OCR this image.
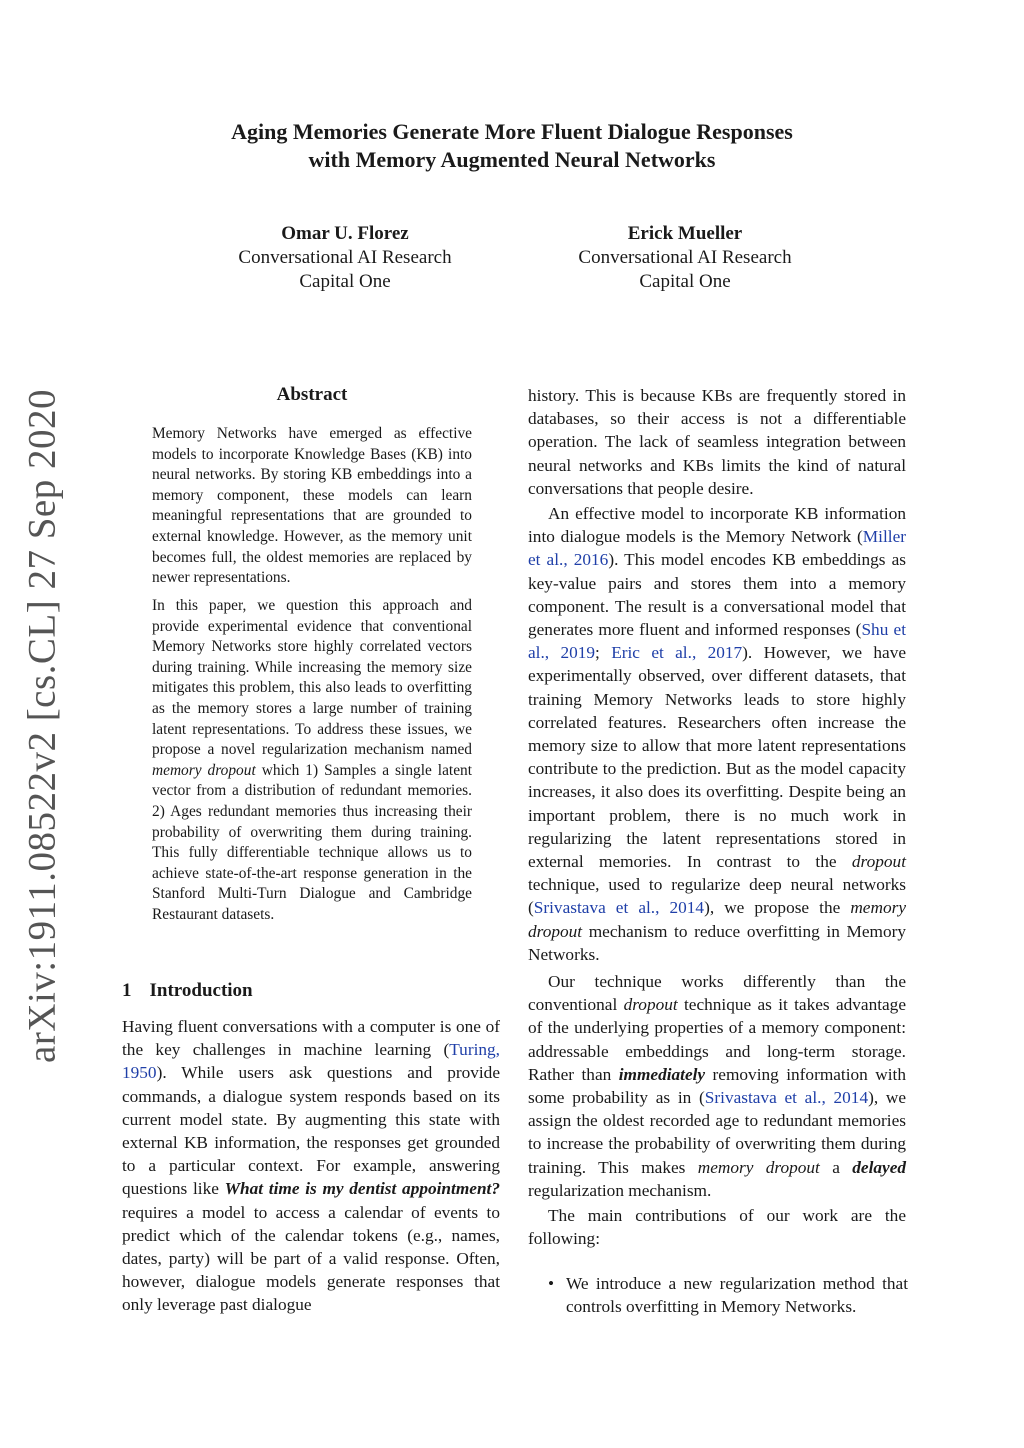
Aging Memories Generate More Fluent Dialogue Responses
with Memory Augmented Neural Networks
Omar U. Florez
Conversational AI Research
Capital One
Erick Mueller
Conversational AI Research
Capital One
arXiv:1911.08522v2 [cs.CL] 27 Sep 2020	Abstract
Memory Networks have emerged as effective models to incorporate Knowledge Bases (KB) into neural networks. By storing KB embeddings into a memory component, these models can learn meaningful representations that are grounded to external knowledge. However, as the memory unit becomes full, the oldest memories are replaced by newer representations.
In this paper, we question this approach and provide experimental evidence that conventional Memory Networks store highly correlated vectors during training. While increasing the memory size mitigates this problem, this also leads to overfitting as the memory stores a large number of training latent representations. To address these issues, we propose a novel regularization mechanism named memory dropout which 1) Samples a single latent vector from a distribution of redundant memories. 2) Ages redundant memories thus increasing their probability of overwriting them during training. This fully differentiable technique allows us to achieve state-of-the-art response generation in the Stanford Multi-Turn Dialogue and Cambridge Restaurant datasets.
1 Introduction
Having fluent conversations with a computer is one of the key challenges in machine learning (Turing, 1950). While users ask questions and provide commands, a dialogue system responds based on its current model state. By augmenting this state with external KB information, the responses get grounded to a particular context. For example, answering questions like What time is my dentist appointment? requires a model to access a calendar of events to predict which of the calendar tokens (e.g., names, dates, party) will be part of a valid response. Often, however, dialogue models generate responses that only leverage past dialogue
history. This is because KBs are frequently stored in databases, so their access is not a differentiable operation. The lack of seamless integration between neural networks and KBs limits the kind of natural conversations that people desire.
An effective model to incorporate KB information into dialogue models is the Memory Network (Miller et al., 2016). This model encodes KB embeddings as key-value pairs and stores them into a memory component. The result is a conversational model that generates more fluent and informed responses (Shu et al., 2019; Eric et al., 2017). However, we have experimentally observed, over different datasets, that training Memory Networks leads to store highly correlated features. Researchers often increase the memory size to allow that more latent representations contribute to the prediction. But as the model capacity increases, it also does its overfitting. Despite being an important problem, there is no much work in regularizing the latent representations stored in external memories. In contrast to the dropout technique, used to regularize deep neural networks (Srivastava et al., 2014), we propose the memory dropout mechanism to reduce overfitting in Memory Networks.
Our technique works differently than the conventional dropout technique as it takes advantage of the underlying properties of a memory component: addressable embeddings and long-term storage. Rather than immediately removing information with some probability as in (Srivastava et al., 2014), we assign the oldest recorded age to redundant memories to increase the probability of overwriting them during training. This makes memory dropout a delayed regularization mechanism.
The main contributions of our work are the following:
• We introduce a new regularization method that controls overfitting in Memory Networks.
